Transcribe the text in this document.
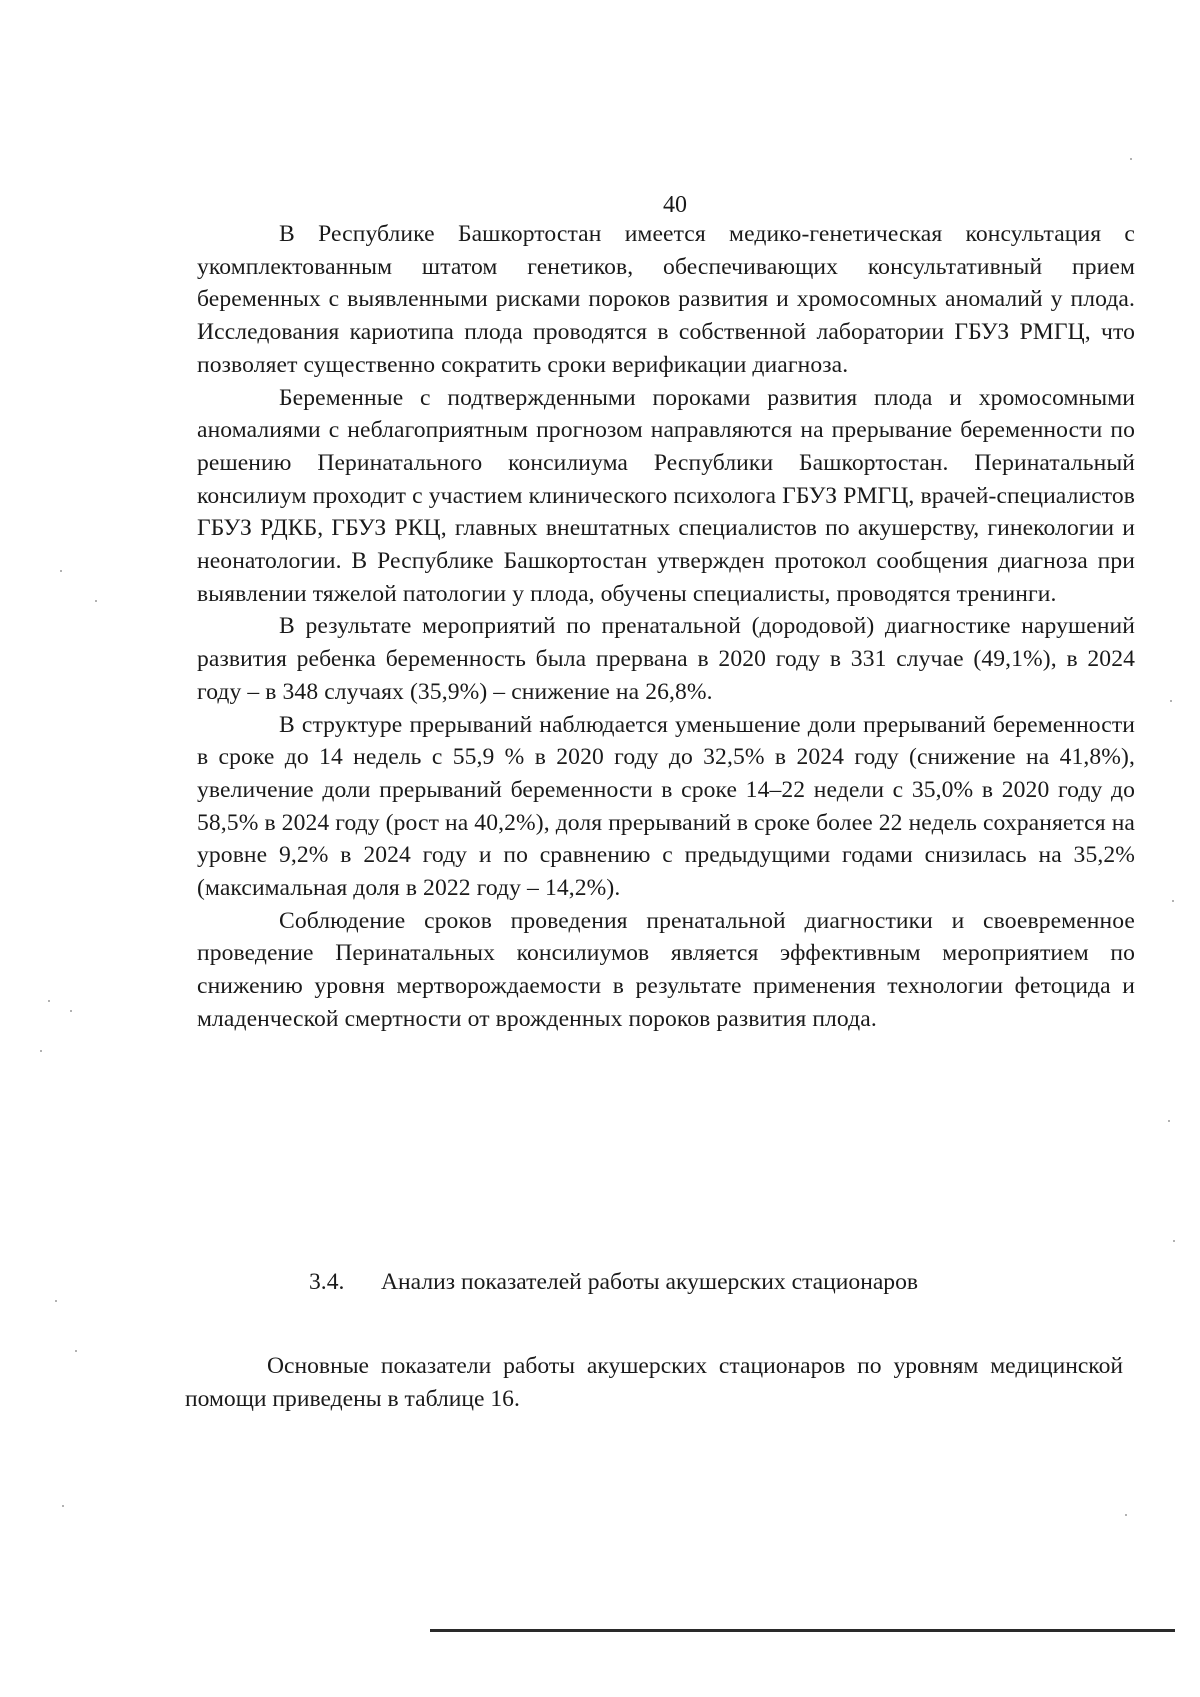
40

В Республике Башкортостан имеется медико-генетическая консультация с укомплектованным штатом генетиков, обеспечивающих консультативный прием беременных с выявленными рисками пороков развития и хромосомных аномалий у плода. Исследования кариотипа плода проводятся в собственной лаборатории ГБУЗ РМГЦ, что позволяет существенно сократить сроки верификации диагноза.

Беременные с подтвержденными пороками развития плода и хромосомными аномалиями с неблагоприятным прогнозом направляются на прерывание беременности по решению Перинатального консилиума Республики Башкортостан. Перинатальный консилиум проходит с участием клинического психолога ГБУЗ РМГЦ, врачей-специалистов ГБУЗ РДКБ, ГБУЗ РКЦ, главных внештатных специалистов по акушерству, гинекологии и неонатологии. В Республике Башкортостан утвержден протокол сообщения диагноза при выявлении тяжелой патологии у плода, обучены специалисты, проводятся тренинги.

В результате мероприятий по пренатальной (дородовой) диагностике нарушений развития ребенка беременность была прервана в 2020 году в 331 случае (49,1%), в 2024 году – в 348 случаях (35,9%) – снижение на 26,8%.

В структуре прерываний наблюдается уменьшение доли прерываний беременности в сроке до 14 недель с 55,9 % в 2020 году до 32,5% в 2024 году (снижение на 41,8%), увеличение доли прерываний беременности в сроке 14–22 недели с 35,0% в 2020 году до 58,5% в 2024 году (рост на 40,2%), доля прерываний в сроке более 22 недель сохраняется на уровне 9,2% в 2024 году и по сравнению с предыдущими годами снизилась на 35,2% (максимальная доля в 2022 году – 14,2%).

Соблюдение сроков проведения пренатальной диагностики и своевременное проведение Перинатальных консилиумов является эффективным мероприятием по снижению уровня мертворождаемости в результате применения технологии фетоцида и младенческой смертности от врожденных пороков развития плода.

3.4. Анализ показателей работы акушерских стационаров

Основные показатели работы акушерских стационаров по уровням медицинской помощи приведены в таблице 16.
